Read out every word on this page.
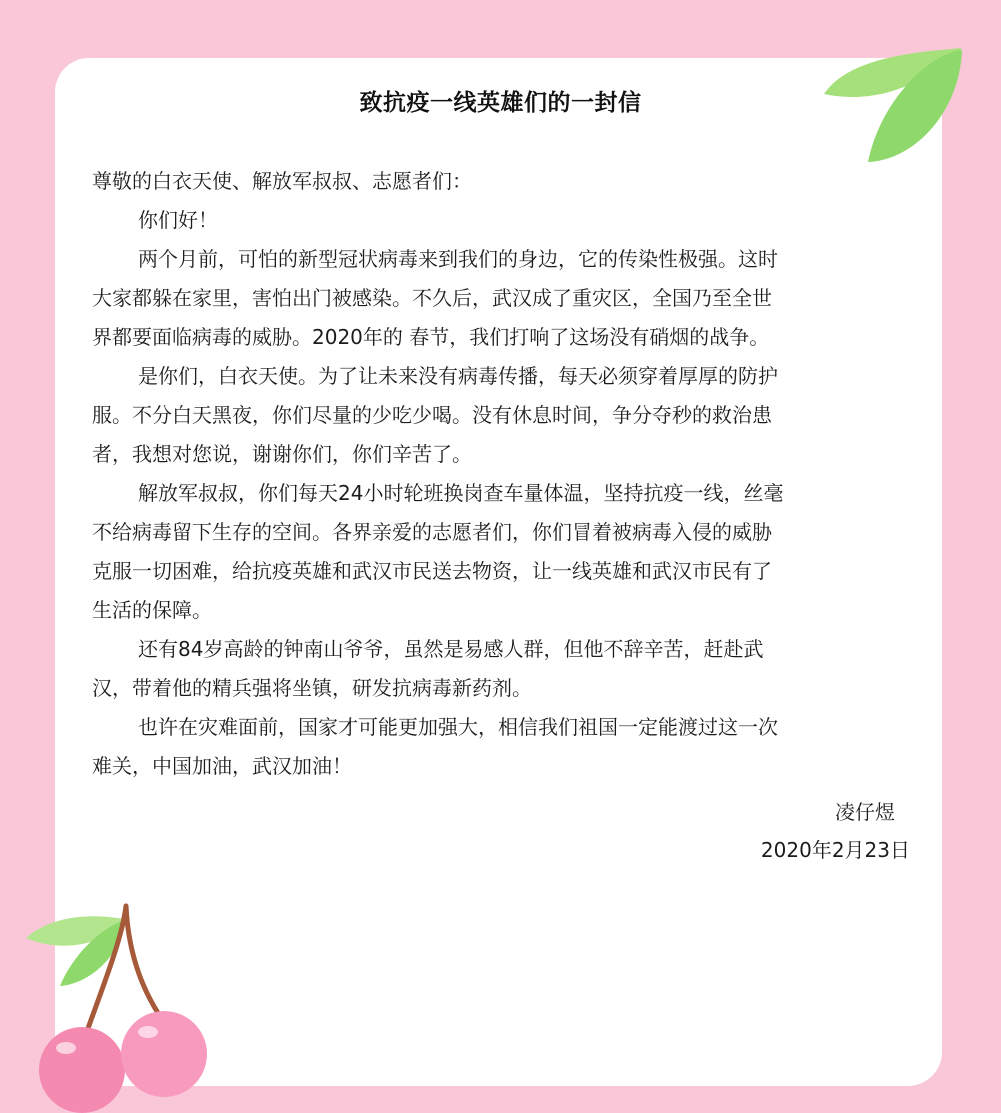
致抗疫一线英雄们的一封信
尊敬的白衣天使、解放军叔叔、志愿者们：
你们好！
两个月前，可怕的新型冠状病毒来到我们的身边，它的传染性极强。这时
大家都躲在家里，害怕出门被感染。不久后，武汉成了重灾区，全国乃至全世
界都要面临病毒的威胁。2020年的 春节，我们打响了这场没有硝烟的战争。
是你们，白衣天使。为了让未来没有病毒传播，每天必须穿着厚厚的防护
服。不分白天黑夜，你们尽量的少吃少喝。没有休息时间，争分夺秒的救治患
者，我想对您说，谢谢你们，你们辛苦了。
解放军叔叔，你们每天24小时轮班换岗查车量体温，坚持抗疫一线，丝毫
不给病毒留下生存的空间。各界亲爱的志愿者们，你们冒着被病毒入侵的威胁
克服一切困难，给抗疫英雄和武汉市民送去物资，让一线英雄和武汉市民有了
生活的保障。
还有84岁高龄的钟南山爷爷，虽然是易感人群，但他不辞辛苦，赶赴武
汉，带着他的精兵强将坐镇，研发抗病毒新药剂。
也许在灾难面前，国家才可能更加强大，相信我们祖国一定能渡过这一次
难关，中国加油，武汉加油！
凌仔煜
2020年2月23日
